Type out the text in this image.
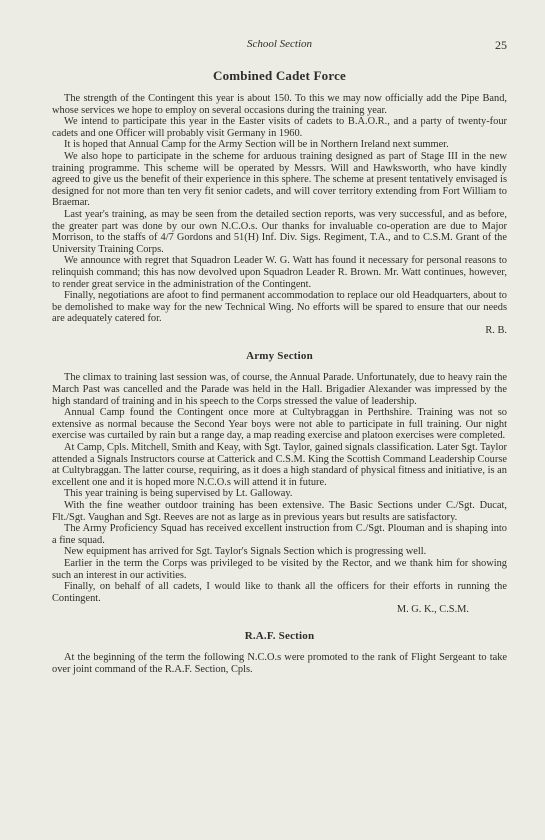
School Section	25
Combined Cadet Force

The strength of the Contingent this year is about 150. To this we may now officially add the Pipe Band, whose services we hope to employ on several occasions during the training year.

We intend to participate this year in the Easter visits of cadets to B.A.O.R., and a party of twenty-four cadets and one Officer will probably visit Germany in 1960.

It is hoped that Annual Camp for the Army Section will be in Northern Ireland next summer.

We also hope to participate in the scheme for arduous training designed as part of Stage III in the new training programme. This scheme will be operated by Messrs. Will and Hawksworth, who have kindly agreed to give us the benefit of their experience in this sphere. The scheme at present tentatively envisaged is designed for not more than ten very fit senior cadets, and will cover territory extending from Fort William to Braemar.

Last year's training, as may be seen from the detailed section reports, was very successful, and as before, the greater part was done by our own N.C.O.s. Our thanks for invaluable co-operation are due to Major Morrison, to the staffs of 4/7 Gordons and 51(H) Inf. Div. Sigs. Regiment, T.A., and to C.S.M. Grant of the University Training Corps.

We announce with regret that Squadron Leader W. G. Watt has found it necessary for personal reasons to relinquish command; this has now devolved upon Squadron Leader R. Brown. Mr. Watt continues, however, to render great service in the administration of the Contingent.

Finally, negotiations are afoot to find permanent accommodation to replace our old Headquarters, about to be demolished to make way for the new Technical Wing. No efforts will be spared to ensure that our needs are adequately catered for.

R. B.
Army Section

The climax to training last session was, of course, the Annual Parade. Unfortunately, due to heavy rain the March Past was cancelled and the Parade was held in the Hall. Brigadier Alexander was impressed by the high standard of training and in his speech to the Corps stressed the value of leadership.

Annual Camp found the Contingent once more at Cultybraggan in Perthshire. Training was not so extensive as normal because the Second Year boys were not able to participate in full training. Our night exercise was curtailed by rain but a range day, a map reading exercise and platoon exercises were completed.

At Camp, Cpls. Mitchell, Smith and Keay, with Sgt. Taylor, gained signals classification. Later Sgt. Taylor attended a Signals Instructors course at Catterick and C.S.M. King the Scottish Command Leadership Course at Cultybraggan. The latter course, requiring, as it does a high standard of physical fitness and initiative, is an excellent one and it is hoped more N.C.O.s will attend it in future.

This year training is being supervised by Lt. Galloway.

With the fine weather outdoor training has been extensive. The Basic Sections under C./Sgt. Ducat, Flt./Sgt. Vaughan and Sgt. Reeves are not as large as in previous years but results are satisfactory.

The Army Proficiency Squad has received excellent instruction from C./Sgt. Plouman and is shaping into a fine squad.

New equipment has arrived for Sgt. Taylor's Signals Section which is progressing well.

Earlier in the term the Corps was privileged to be visited by the Rector, and we thank him for showing such an interest in our activities.

Finally, on behalf of all cadets, I would like to thank all the officers for their efforts in running the Contingent.

M. G. K., C.S.M.
R.A.F. Section

At the beginning of the term the following N.C.O.s were promoted to the rank of Flight Sergeant to take over joint command of the R.A.F. Section, Cpls.
